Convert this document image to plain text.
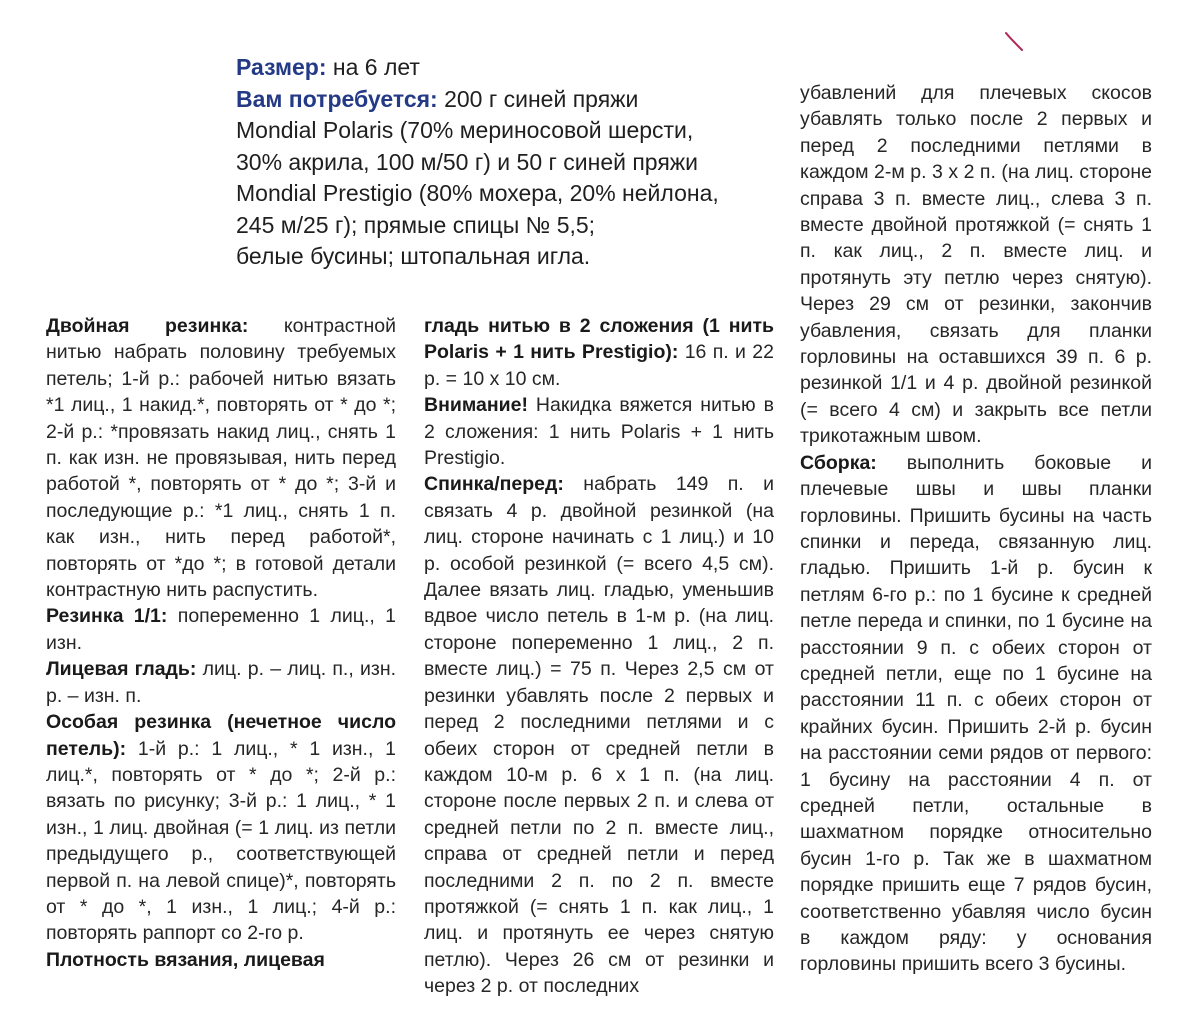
Размер: на 6 лет

Вам потребуется: 200 г синей пряжи

Mondial Polaris (70% мериносовой шерсти,

30% акрила, 100 м/50 г) и 50 г синей пряжи

Mondial Prestigio (80% мохера, 20% нейлона,

245 м/25 г); прямые спицы № 5,5;

белые бусины; штопальная игла.

Двойная резинка: контрастной нитью набрать половину требуемых петель; 1-й р.: рабочей нитью вязать *1 лиц., 1 накид.*, повторять от * до *; 2-й р.: *провязать накид лиц., снять 1 п. как изн. не провязывая, нить перед работой *, повторять от * до *; 3-й и последующие р.: *1 лиц., снять 1 п. как изн., нить перед работой*, повторять от *до *; в готовой детали контрастную нить распустить.

Резинка 1/1: попеременно 1 лиц., 1 изн.

Лицевая гладь: лиц. р. – лиц. п., изн. р. – изн. п.

Особая резинка (нечетное число петель): 1-й р.: 1 лиц., * 1 изн., 1 лиц.*, повторять от * до *; 2-й р.: вязать по рисунку; 3-й р.: 1 лиц., * 1 изн., 1 лиц. двойная (= 1 лиц. из петли предыдущего р., соответствующей первой п. на левой спице)*, повторять от * до *, 1 изн., 1 лиц.; 4-й р.: повторять раппорт со 2-го р.

Плотность вязания, лицевая

гладь нитью в 2 сложения (1 нить Polaris + 1 нить Prestigio): 16 п. и 22 р. = 10 х 10 см.

Внимание! Накидка вяжется нитью в 2 сложения: 1 нить Polaris + 1 нить Prestigio.

Спинка/перед: набрать 149 п. и связать 4 р. двойной резинкой (на лиц. стороне начинать с 1 лиц.) и 10 р. особой резинкой (= всего 4,5 см). Далее вязать лиц. гладью, уменьшив вдвое число петель в 1-м р. (на лиц. стороне попеременно 1 лиц., 2 п. вместе лиц.) = 75 п. Через 2,5 см от резинки убавлять после 2 первых и перед 2 последними петлями и с обеих сторон от средней петли в каждом 10-м р. 6 х 1 п. (на лиц. стороне после первых 2 п. и слева от средней петли по 2 п. вместе лиц., справа от средней петли и перед последними 2 п. по 2 п. вместе протяжкой (= снять 1 п. как лиц., 1 лиц. и протянуть ее через снятую петлю). Через 26 см от резинки и через 2 р. от последних

убавлений для плечевых скосов убавлять только после 2 первых и перед 2 последними петлями в каждом 2-м р. 3 х 2 п. (на лиц. стороне справа 3 п. вместе лиц., слева 3 п. вместе двойной протяжкой (= снять 1 п. как лиц., 2 п. вместе лиц. и протянуть эту петлю через снятую). Через 29 см от резинки, закончив убавления, связать для планки горловины на оставшихся 39 п. 6 р. резинкой 1/1 и 4 р. двойной резинкой (= всего 4 см) и закрыть все петли трикотажным швом.

Сборка: выполнить боковые и плечевые швы и швы планки горловины. Пришить бусины на часть спинки и переда, связанную лиц. гладью. Пришить 1-й р. бусин к петлям 6-го р.: по 1 бусине к средней петле переда и спинки, по 1 бусине на расстоянии 9 п. с обеих сторон от средней петли, еще по 1 бусине на расстоянии 11 п. с обеих сторон от крайних бусин. Пришить 2-й р. бусин на расстоянии семи рядов от первого: 1 бусину на расстоянии 4 п. от средней петли, остальные в шахматном порядке относительно бусин 1-го р. Так же в шахматном порядке пришить еще 7 рядов бусин, соответственно убавляя число бусин в каждом ряду: у основания горловины пришить всего 3 бусины.
